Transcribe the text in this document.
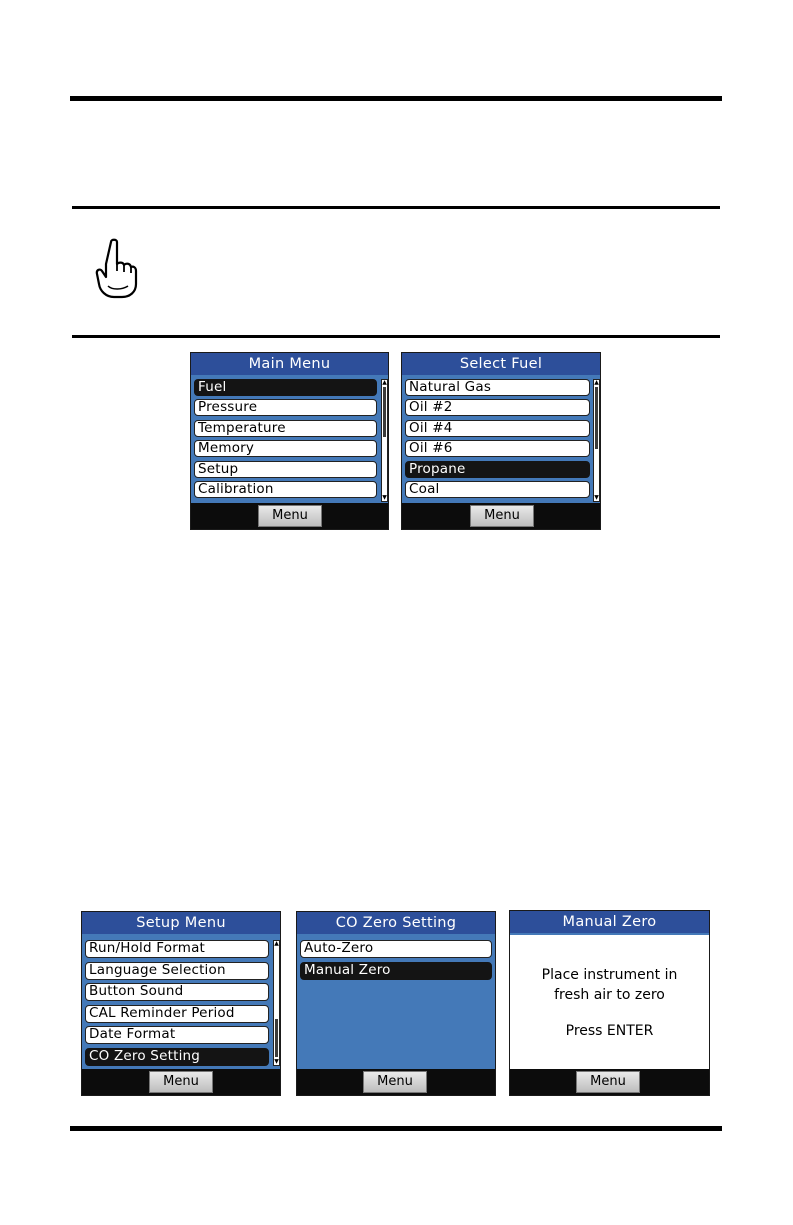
Main Menu
Fuel
Pressure
Temperature
Memory
Setup
Calibration
▲
▼
Menu
Select Fuel
Natural Gas
Oil #2
Oil #4
Oil #6
Propane
Coal
▲
▼
Menu
Setup Menu
Run/Hold Format
Language Selection
Button Sound
CAL Reminder Period
Date Format
CO Zero Setting
▲
▼
Menu
CO Zero Setting
Auto-Zero
Manual Zero
Menu
Manual Zero
Place instrument in
fresh air to zero
Press ENTER
Menu
